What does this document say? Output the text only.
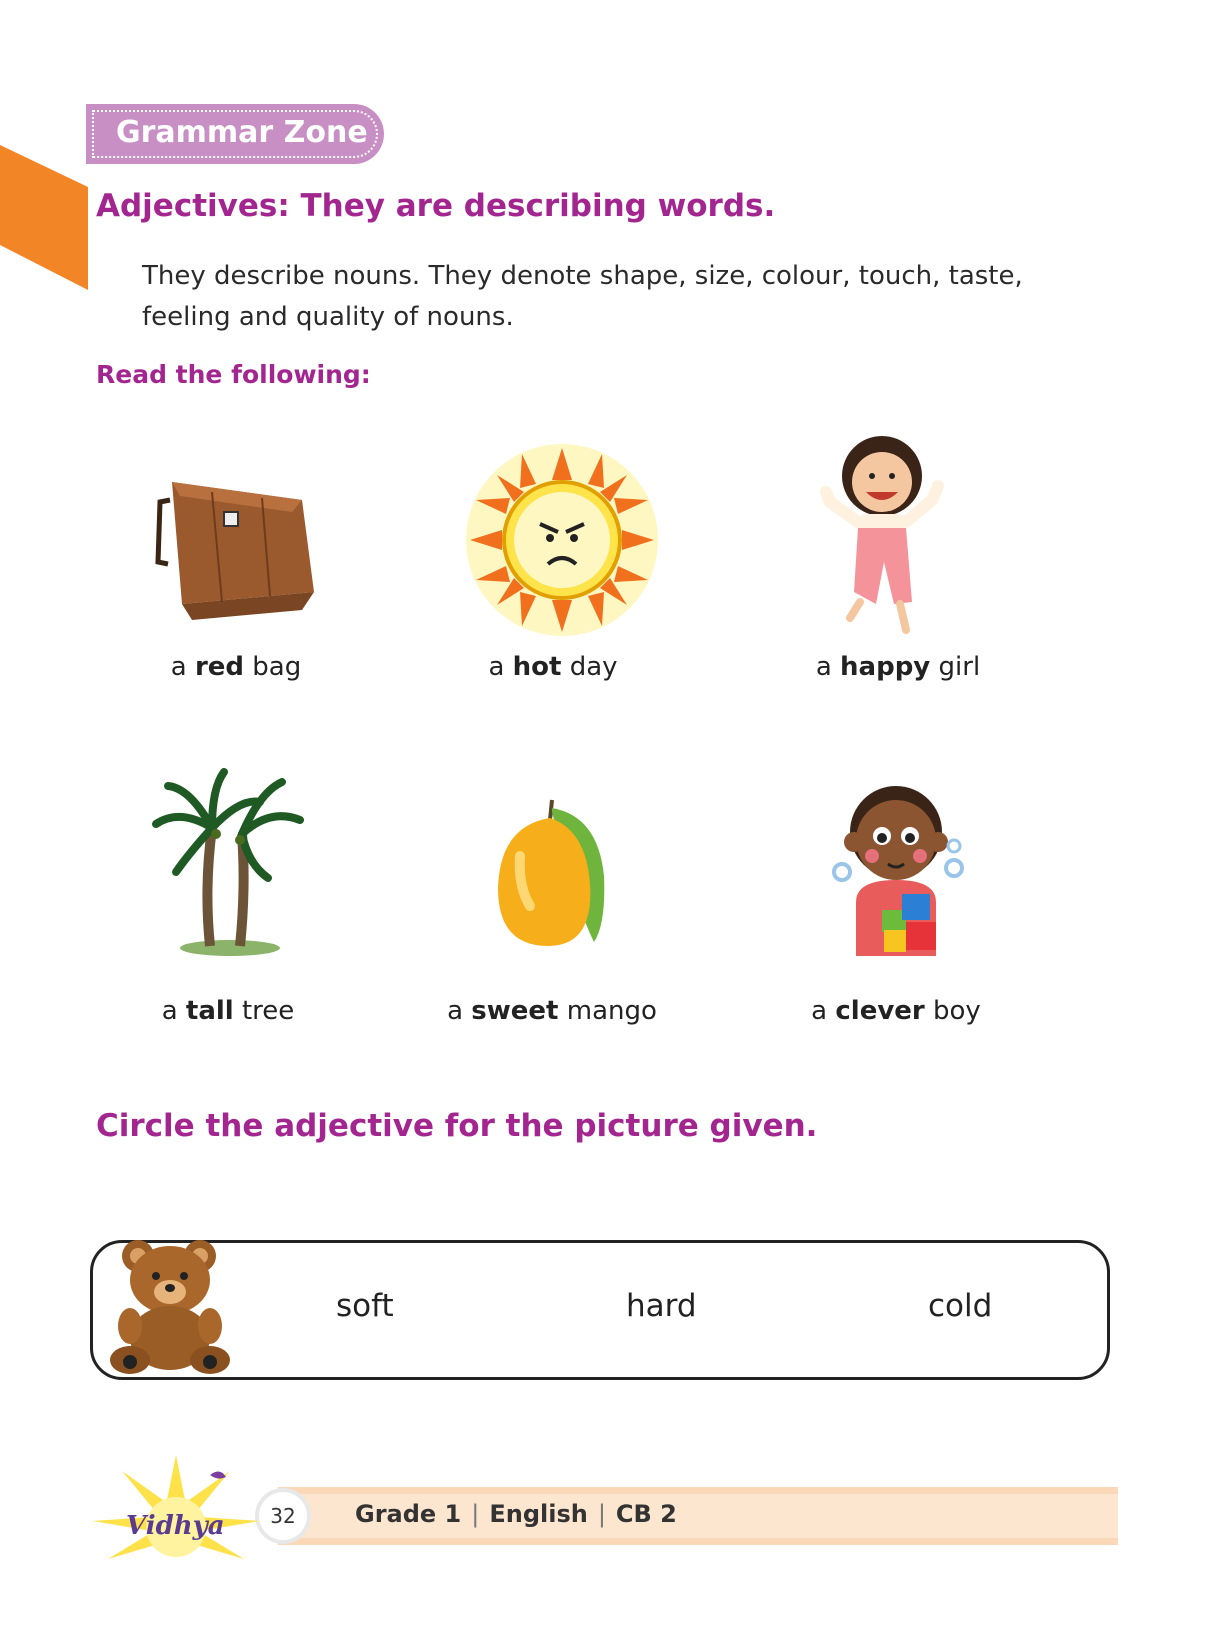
Grammar Zone
Adjectives: They are describing words.
They describe nouns. They denote shape, size, colour, touch, taste,
feeling and quality of nouns.
Read the following:
a red bag	a hot day	a happy girl
a tall tree	a sweet mango	a clever boy
Circle the adjective for the picture given.
soft	hard	cold
Grade 1 | English | CB 2
32
Vidhya
